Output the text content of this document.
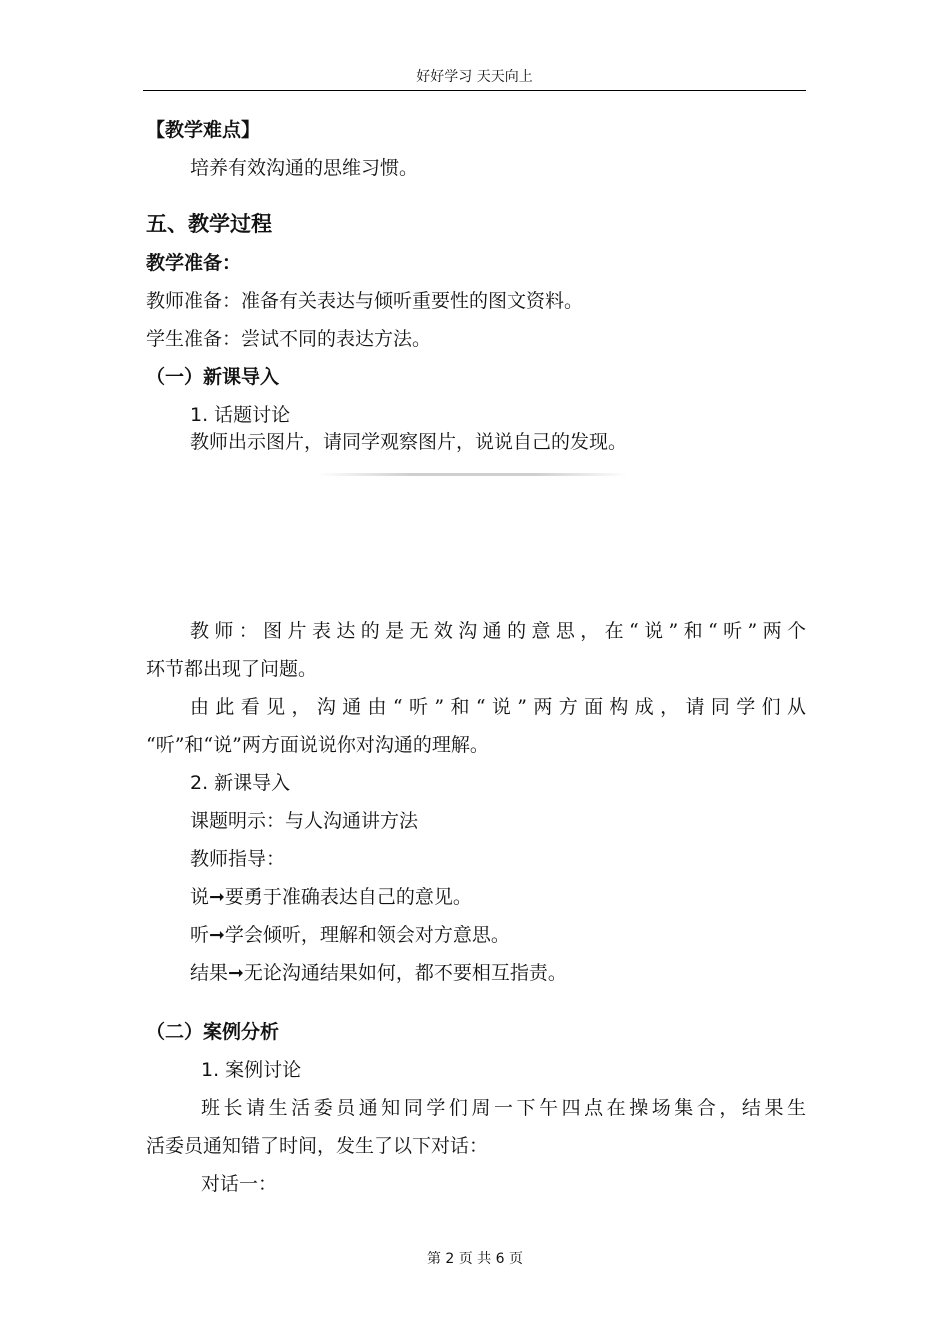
好好学习 天天向上
【教学难点】
培养有效沟通的思维习惯。
五、教学过程
教学准备：
教师准备：准备有关表达与倾听重要性的图文资料。
学生准备：尝试不同的表达方法。
（一）新课导入
1. 话题讨论
教师出示图片，请同学观察图片，说说自己的发现。
教师：图片表达的是无效沟通的意思，在“说”和“听”两个
环节都出现了问题。
由此看见，沟通由“听”和“说”两方面构成，请同学们从
“听”和“说”两方面说说你对沟通的理解。
2. 新课导入
课题明示：与人沟通讲方法
教师指导：
说➞要勇于准确表达自己的意见。
听➞学会倾听，理解和领会对方意思。
结果➞无论沟通结果如何，都不要相互指责。
（二）案例分析
1. 案例讨论
班长请生活委员通知同学们周一下午四点在操场集合，结果生
活委员通知错了时间，发生了以下对话：
对话一：
第 2 页 共 6 页
